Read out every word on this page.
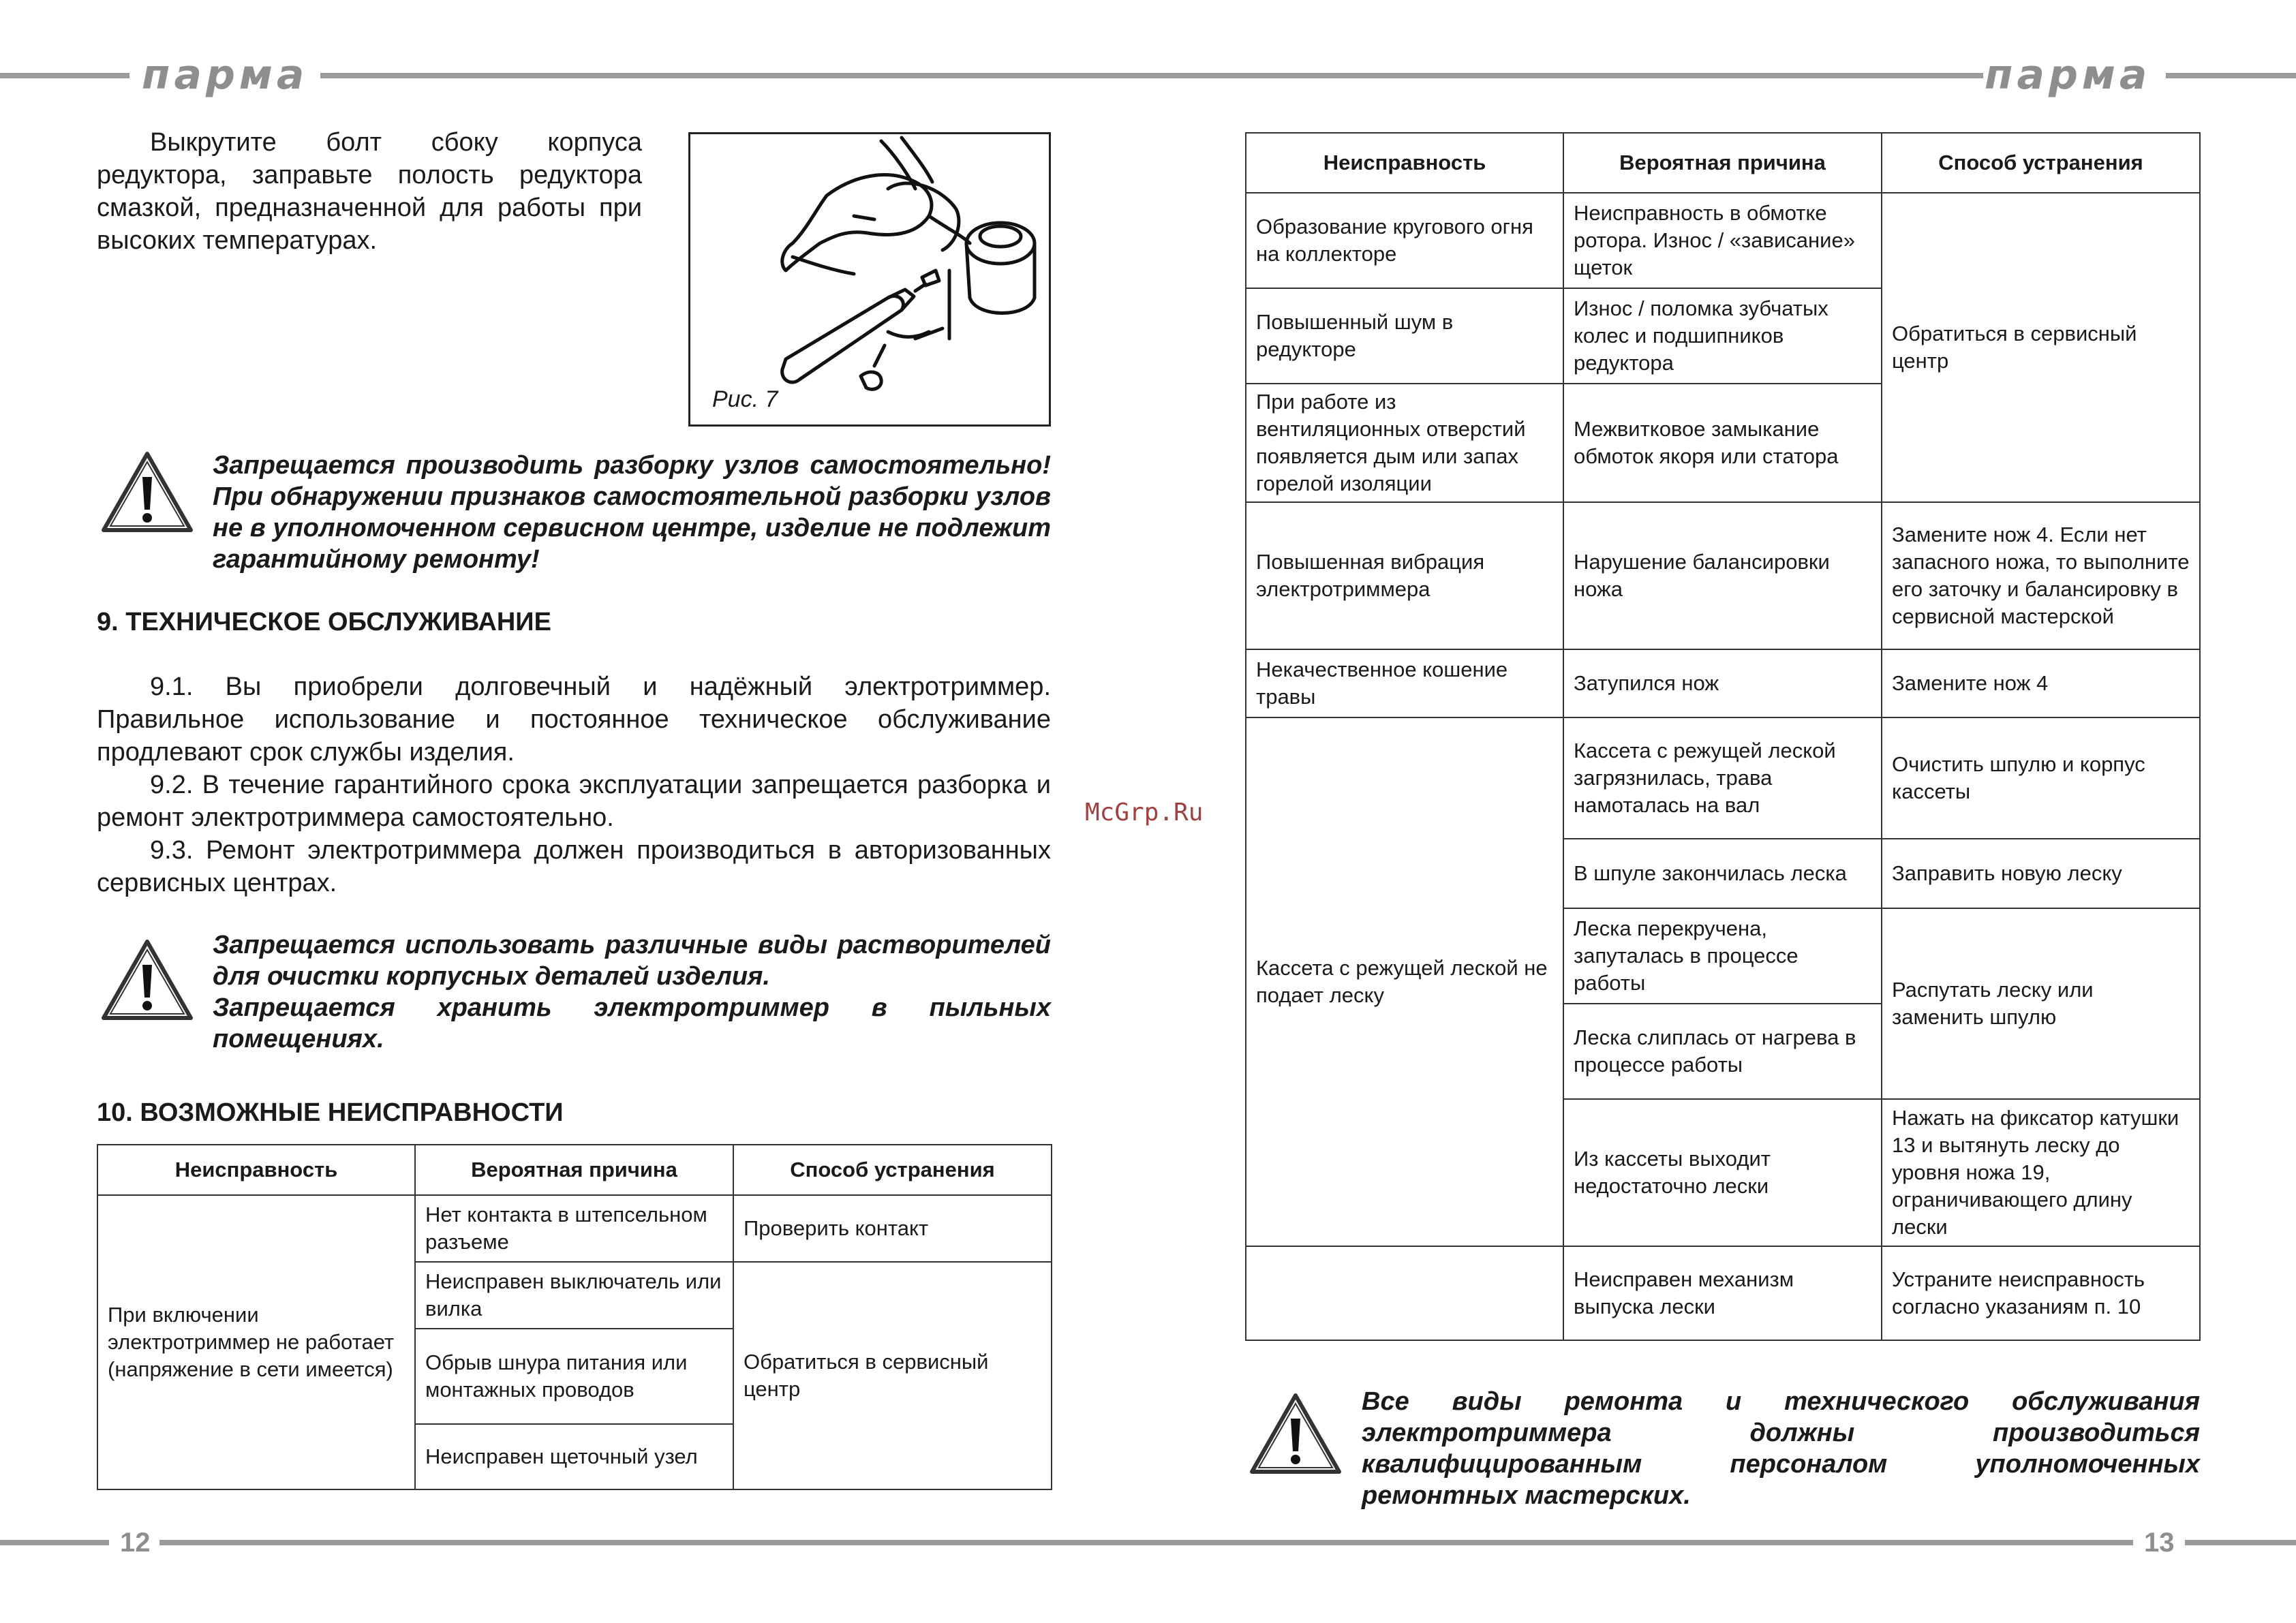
парма	парма
12	13

Выкрутите болт сбоку корпуса редуктора, заправьте полость редуктора смазкой, предназначенной для работы при высоких температурах.

Рис. 7

Запрещается производить разборку узлов самостоятельно! При обнаружении признаков самостоятельной разборки узлов не в уполномоченном сервисном центре, изделие не подлежит гарантийному ремонту!

9. ТЕХНИЧЕСКОЕ ОБСЛУЖИВАНИЕ

9.1. Вы приобрели долговечный и надёжный электротриммер. Правильное использование и постоянное техническое обслуживание продлевают срок службы изделия.

9.2. В течение гарантийного срока эксплуатации запрещается разборка и ремонт электротриммера самостоятельно.

9.3. Ремонт электротриммера должен производиться в авторизованных сервисных центрах.

Запрещается использовать различные виды растворителей для очистки корпусных деталей изделия.

Запрещается хранить электротриммер в пыльных помещениях.

10. ВОЗМОЖНЫЕ НЕИСПРАВНОСТИ
Неисправность	Вероятная причина	Способ устранения
При включении электротриммер не работает (напряжение в сети имеется)	Нет контакта в штепсельном разъеме	Проверить контакт
	Неисправен выключатель или вилка	Обратиться в сервисный центр
	Обрыв шнура питания или монтажных проводов	
	Неисправен щеточный узел	
McGrp.Ru
Неисправность	Вероятная причина	Способ устранения
Образование кругового огня на коллекторе	Неисправность в обмотке ротора. Износ / «зависание» щеток	Обратиться в сервисный центр
Повышенный шум в редукторе	Износ / поломка зубчатых колес и подшипников редуктора	
При работе из вентиляционных отверстий появляется дым или запах горелой изоляции	Межвитковое замыкание обмоток якоря или статора	
Повышенная вибрация электротриммера	Нарушение балансировки ножа	Замените нож 4. Если нет запасного ножа, то выполните его заточку и балансировку в сервисной мастерской
Некачественное кошение травы	Затупился нож	Замените нож 4
Кассета с режущей леской не подает леску	Кассета с режущей леской загрязнилась, трава намоталась на вал	Очистить шпулю и корпус кассеты
	В шпуле закончилась леска	Заправить новую леску
	Леска перекручена, запуталась в процессе работы	Распутать леску или заменить шпулю
	Леска слиплась от нагрева в процессе работы	
	Из кассеты выходит недостаточно лески	Нажать на фиксатор катушки 13 и вытянуть леску до уровня ножа 19, ограничивающего длину лески
	Неисправен механизм выпуска лески	Устраните неисправность согласно указаниям п. 10
Все виды ремонта и технического обслуживания электротриммера должны производиться квалифицированным персоналом уполномоченных ремонтных мастерских.
